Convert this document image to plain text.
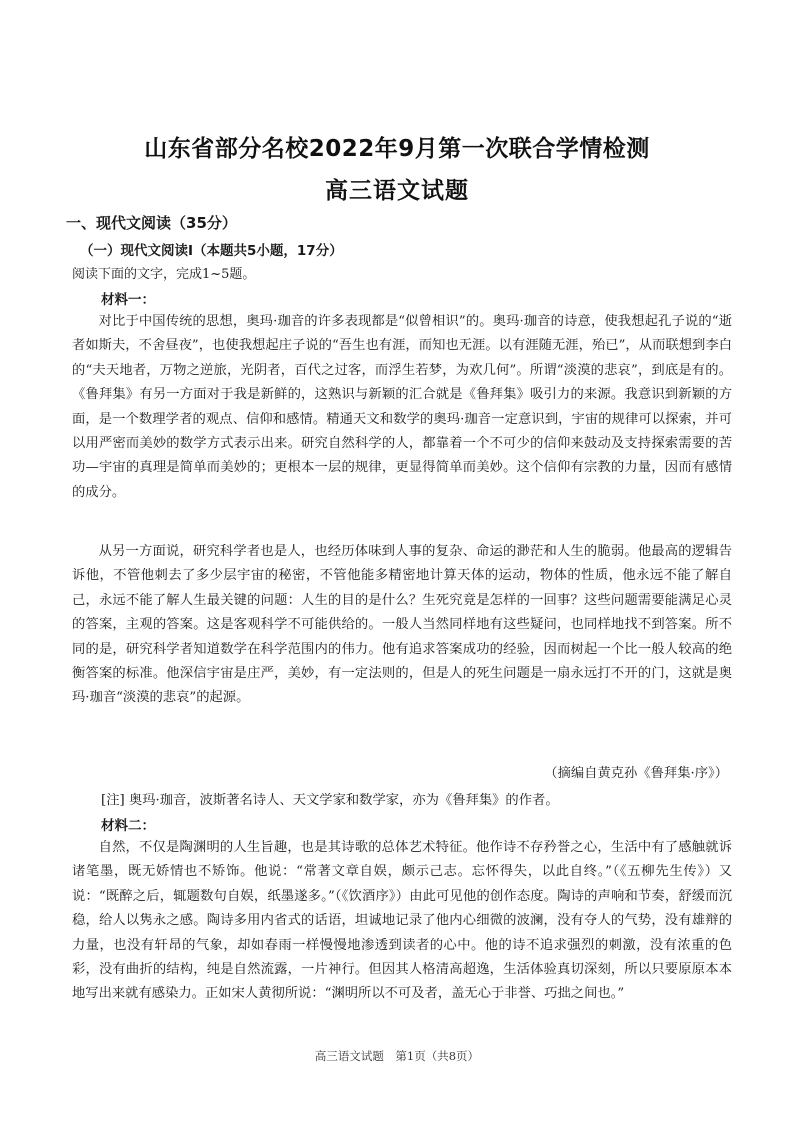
山东省部分名校2022年9月第一次联合学情检测
高三语文试题
一、现代文阅读（35分）
（一）现代文阅读Ⅰ（本题共5小题，17分）
阅读下面的文字，完成1~5题。
材料一：

对比于中国传统的思想，奥玛·珈音的许多表现都是“似曾相识”的。奥玛·珈音的诗意，使我想起孔子说的“逝者如斯夫，不舍昼夜”，也使我想起庄子说的“吾生也有涯，而知也无涯。以有涯随无涯，殆已”，从而联想到李白的“夫天地者，万物之逆旅，光阴者，百代之过客，而浮生若梦，为欢几何”。所谓“淡漠的悲哀”，到底是有的。《鲁拜集》有另一方面对于我是新鲜的，这熟识与新颖的汇合就是《鲁拜集》吸引力的来源。我意识到新颖的方面，是一个数理学者的观点、信仰和感情。精通天文和数学的奥玛·珈音一定意识到，宇宙的规律可以探索，并可以用严密而美妙的数学方式表示出来。研究自然科学的人，都靠着一个不可少的信仰来鼓动及支持探索需要的苦功—宇宙的真理是简单而美妙的；更根本一层的规律，更显得简单而美妙。这个信仰有宗教的力量，因而有感情的成分。

从另一方面说，研究科学者也是人，也经历体味到人事的复杂、命运的渺茫和人生的脆弱。他最高的逻辑告诉他，不管他刺去了多少层宇宙的秘密，不管他能多精密地计算天体的运动，物体的性质，他永远不能了解自己，永远不能了解人生最关键的问题：人生的目的是什么？生死究竟是怎样的一回事？这些问题需要能满足心灵的答案，主观的答案。这是客观科学不可能供给的。一般人当然同样地有这些疑问，也同样地找不到答案。所不同的是，研究科学者知道数学在科学范围内的伟力。他有追求答案成功的经验，因而树起一个比一般人较高的绝衡答案的标准。他深信宇宙是庄严，美妙，有一定法则的，但是人的死生问题是一扇永远打不开的门，这就是奥玛·珈音“淡漠的悲哀”的起源。

（摘编自黄克孙《鲁拜集·序》）
[注] 奥玛·珈音，波斯著名诗人、天文学家和数学家，亦为《鲁拜集》的作者。
材料二：

自然，不仅是陶渊明的人生旨趣，也是其诗歌的总体艺术特征。他作诗不存矜誉之心，生活中有了感触就诉诸笔墨，既无娇情也不矫饰。他说：“常著文章自娱，颇示己志。忘怀得失，以此自终。”（《五柳先生传》）又说：“既醉之后，辄题数句自娱，纸墨遂多。”（《饮酒序》）由此可见他的创作态度。陶诗的声响和节奏，舒缓而沉稳，给人以隽永之感。陶诗多用内省式的话语，坦诚地记录了他内心细微的波澜，没有夺人的气势，没有雄辩的力量，也没有轩昂的气象，却如春雨一样慢慢地渗透到读者的心中。他的诗不追求强烈的刺激，没有浓重的色彩，没有曲折的结构，纯是自然流露，一片神行。但因其人格清高超逸，生活体验真切深刻，所以只要原原本本地写出来就有感染力。正如宋人黄彻所说：“渊明所以不可及者，盖无心于非誉、巧拙之间也。”

高三语文试题　第1页（共8页）
